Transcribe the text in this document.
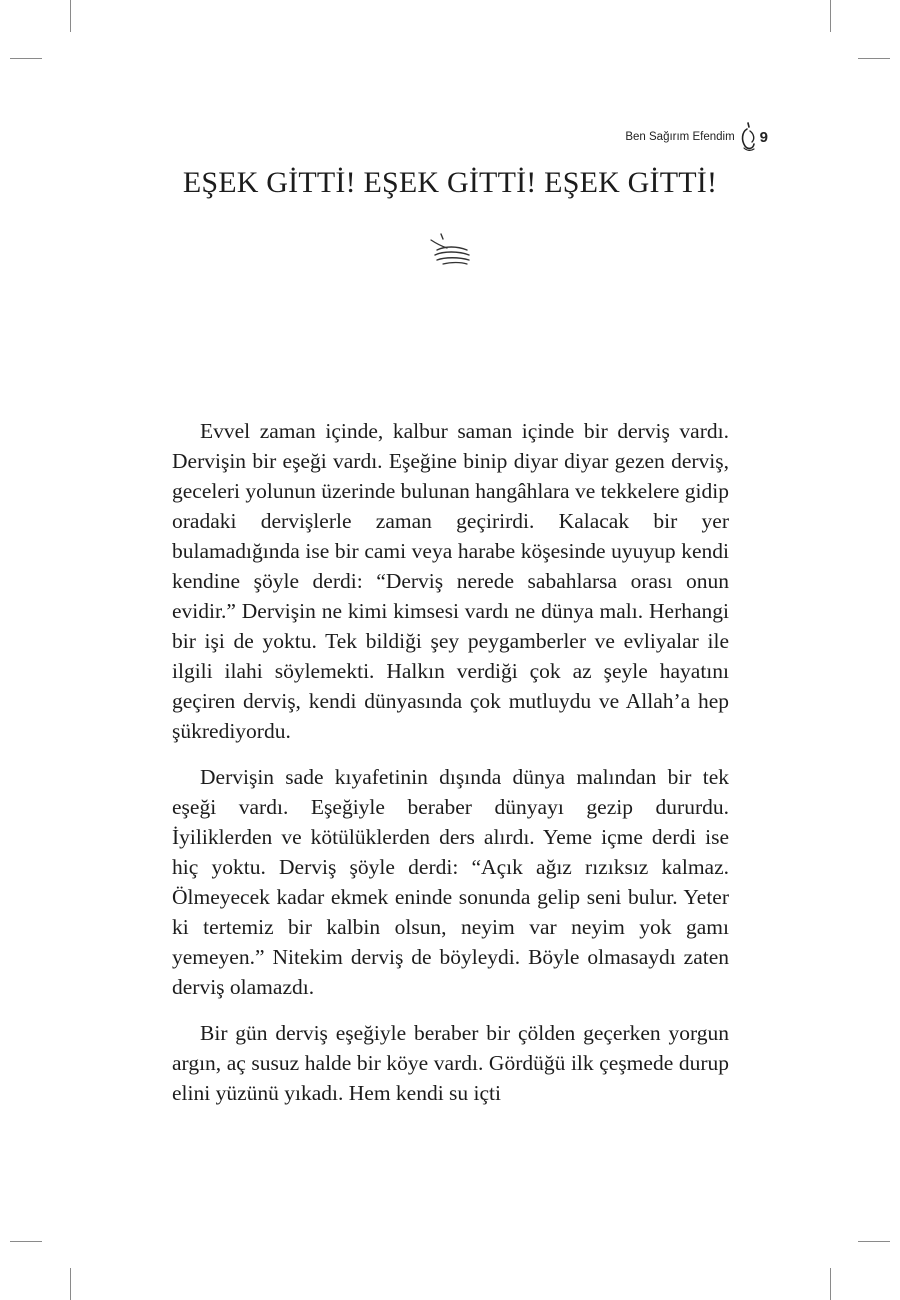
Ben Sağırım Efendim 9
EŞEK GİTTİ! EŞEK GİTTİ! EŞEK GİTTİ!

Evvel zaman içinde, kalbur saman içinde bir derviş vardı. Dervişin bir eşeği vardı. Eşeğine binip diyar diyar gezen derviş, geceleri yolunun üzerinde bulunan hangâhlara ve tekkelere gidip oradaki dervişlerle zaman geçirirdi. Kalacak bir yer bulamadığında ise bir cami veya harabe köşesinde uyuyup kendi kendine şöyle derdi: “Derviş nerede sabahlarsa orası onun evidir.” Dervişin ne kimi kimsesi vardı ne dünya malı. Herhangi bir işi de yoktu. Tek bildiği şey peygamberler ve evliyalar ile ilgili ilahi söylemekti. Halkın verdiği çok az şeyle hayatını geçiren derviş, kendi dünyasında çok mutluydu ve Allah’a hep şükrediyordu.

Dervişin sade kıyafetinin dışında dünya malından bir tek eşeği vardı. Eşeğiyle beraber dünyayı gezip dururdu. İyiliklerden ve kötülüklerden ders alırdı. Yeme içme derdi ise hiç yoktu. Derviş şöyle derdi: “Açık ağız rızıksız kalmaz. Ölmeyecek kadar ekmek eninde sonunda gelip seni bulur. Yeter ki tertemiz bir kalbin olsun, neyim var neyim yok gamı yemeyen.” Nitekim derviş de böyleydi. Böyle olmasaydı zaten derviş olamazdı.

Bir gün derviş eşeğiyle beraber bir çölden geçerken yorgun argın, aç susuz halde bir köye vardı. Gördüğü ilk çeşmede durup elini yüzünü yıkadı. Hem kendi su içti
